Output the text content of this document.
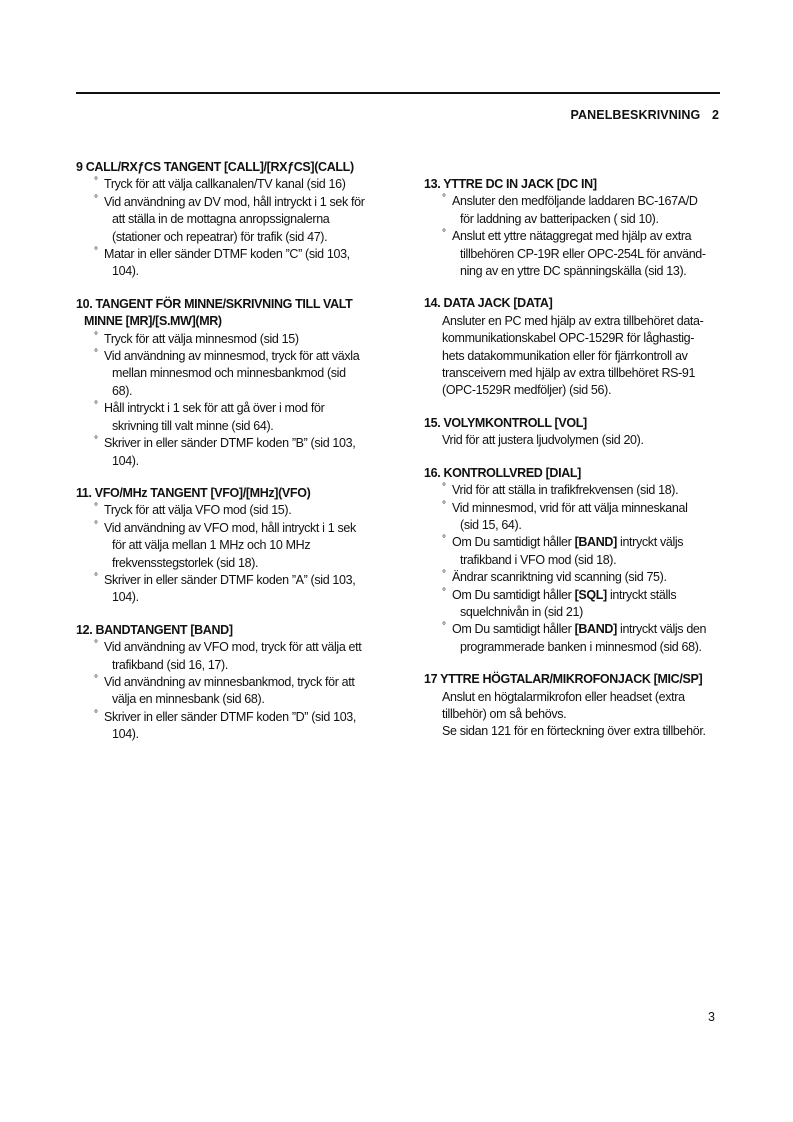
PANELBESKRIVNING 2
9 CALL/RXƒCS TANGENT [CALL]/[RXƒCS](CALL)
° Tryck för att välja callkanalen/TV kanal (sid 16)
° Vid användning av DV mod, håll intryckt i 1 sek för
att ställa in de mottagna anropssignalerna
(stationer och repeatrar) för trafik (sid 47).
° Matar in eller sänder DTMF koden ”C” (sid 103,
104).
10. TANGENT FÖR MINNE/SKRIVNING TILL VALT
MINNE [MR]/[S.MW](MR)
° Tryck för att välja minnesmod (sid 15)
° Vid användning av minnesmod, tryck för att växla
mellan minnesmod och minnesbankmod (sid
68).
° Håll intryckt i 1 sek för att gå över i mod för
skrivning till valt minne (sid 64).
° Skriver in eller sänder DTMF koden ”B” (sid 103,
104).
11. VFO/MHz TANGENT [VFO]/[MHz](VFO)
° Tryck för att välja VFO mod (sid 15).
° Vid användning av VFO mod, håll intryckt i 1 sek
för att välja mellan 1 MHz och 10 MHz
frekvensstegstorlek (sid 18).
° Skriver in eller sänder DTMF koden ”A” (sid 103,
104).
12. BANDTANGENT [BAND]
° Vid användning av VFO mod, tryck för att välja ett
trafikband (sid 16, 17).
° Vid användning av minnesbankmod, tryck för att
välja en minnesbank (sid 68).
° Skriver in eller sänder DTMF koden ”D” (sid 103,
104).
13. YTTRE DC IN JACK [DC IN]
° Ansluter den medföljande laddaren BC-167A/D
för laddning av batteripacken ( sid 10).
° Anslut ett yttre nätaggregat med hjälp av extra
tillbehören CP-19R eller OPC-254L för använd-
ning av en yttre DC spänningskälla (sid 13).
14. DATA JACK [DATA]
Ansluter en PC med hjälp av extra tillbehöret data-
kommunikationskabel OPC-1529R för låghastig-
hets datakommunikation eller för fjärrkontroll av
transceivern med hjälp av extra tillbehöret RS-91
(OPC-1529R medföljer) (sid 56).
15. VOLYMKONTROLL [VOL]
Vrid för att justera ljudvolymen (sid 20).
16. KONTROLLVRED [DIAL]
° Vrid för att ställa in trafikfrekvensen (sid 18).
° Vid minnesmod, vrid för att välja minneskanal
(sid 15, 64).
° Om Du samtidigt håller [BAND] intryckt väljs
trafikband i VFO mod (sid 18).
° Ändrar scanriktning vid scanning (sid 75).
° Om Du samtidigt håller [SQL] intryckt ställs
squelchnivån in (sid 21)
° Om Du samtidigt håller [BAND] intryckt väljs den
programmerade banken i minnesmod (sid 68).
17 YTTRE HÖGTALAR/MIKROFONJACK [MIC/SP]
Anslut en högtalarmikrofon eller headset (extra
tillbehör) om så behövs.
Se sidan 121 för en förteckning över extra tillbehör.
3
